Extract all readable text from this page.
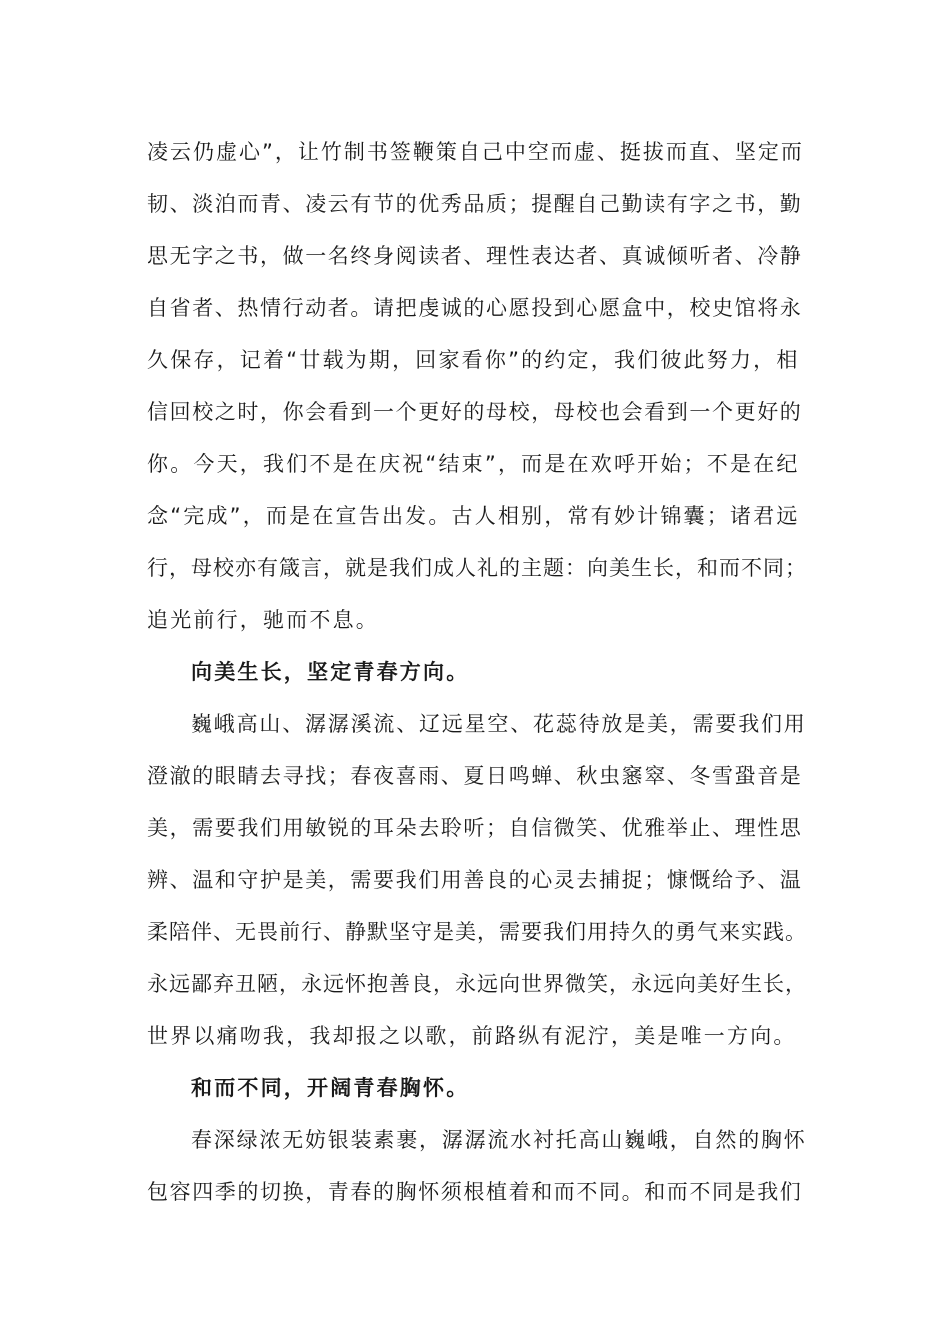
凌云仍虚心”，让竹制书签鞭策自己中空而虚、挺拔而直、坚定而
韧、淡泊而青、凌云有节的优秀品质；提醒自己勤读有字之书，勤
思无字之书，做一名终身阅读者、理性表达者、真诚倾听者、冷静
自省者、热情行动者。请把虔诚的心愿投到心愿盒中，校史馆将永
久保存，记着“廿载为期，回家看你”的约定，我们彼此努力，相
信回校之时，你会看到一个更好的母校，母校也会看到一个更好的
你。今天，我们不是在庆祝“结束”，而是在欢呼开始；不是在纪
念“完成”，而是在宣告出发。古人相别，常有妙计锦囊；诸君远
行，母校亦有箴言，就是我们成人礼的主题：向美生长，和而不同；
追光前行，驰而不息。
向美生长，坚定青春方向。
巍峨高山、潺潺溪流、辽远星空、花蕊待放是美，需要我们用
澄澈的眼睛去寻找；春夜喜雨、夏日鸣蝉、秋虫窸窣、冬雪蛩音是
美，需要我们用敏锐的耳朵去聆听；自信微笑、优雅举止、理性思
辨、温和守护是美，需要我们用善良的心灵去捕捉；慷慨给予、温
柔陪伴、无畏前行、静默坚守是美，需要我们用持久的勇气来实践。
永远鄙弃丑陋，永远怀抱善良，永远向世界微笑，永远向美好生长，
世界以痛吻我，我却报之以歌，前路纵有泥泞，美是唯一方向。
和而不同，开阔青春胸怀。
春深绿浓无妨银装素裹，潺潺流水衬托高山巍峨，自然的胸怀
包容四季的切换，青春的胸怀须根植着和而不同。和而不同是我们
